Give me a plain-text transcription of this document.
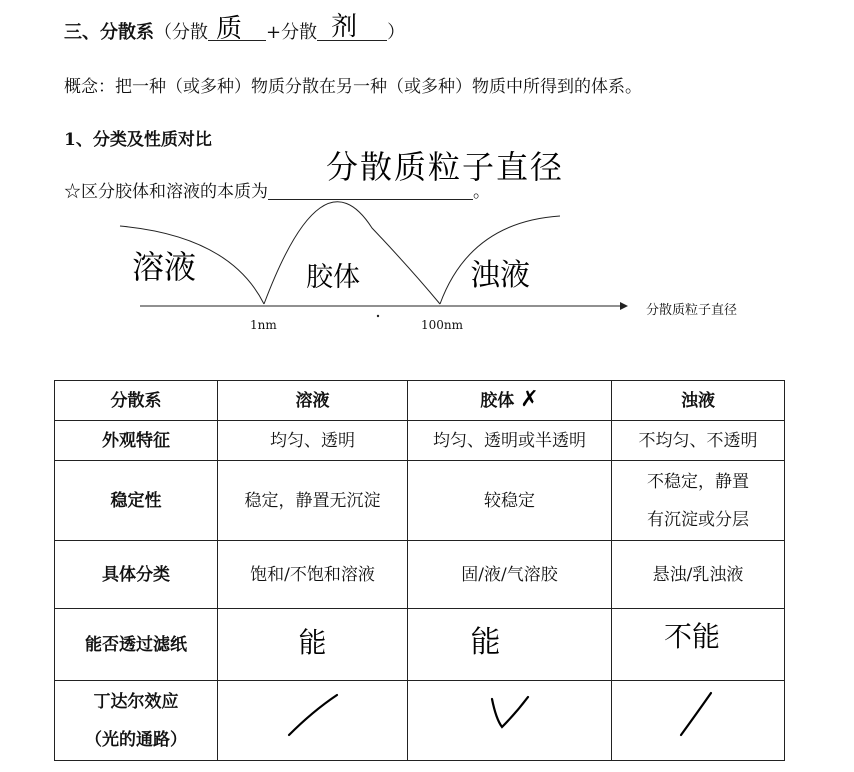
三、分散系（分散 质 +分散 剂 ）
概念：把一种（或多种）物质分散在另一种（或多种）物质中所得到的体系。
1、分类及性质对比
☆区分胶体和溶液的本质为	。
分散质粒子直径
溶液	胶体	浊液
1nm	100nm
分散质粒子直径
分散系	溶液	胶体 ✗	浊液
外观特征	均匀、透明	均匀、透明或半透明	不均匀、不透明
稳定性	稳定，静置无沉淀	较稳定	不稳定，静置
有沉淀或分层

具体分类	饱和/不饱和溶液	固/液/气溶胶	悬浊/乳浊液
能否透过滤纸	能	能	不能

丁达尔效应
（光的通路）
